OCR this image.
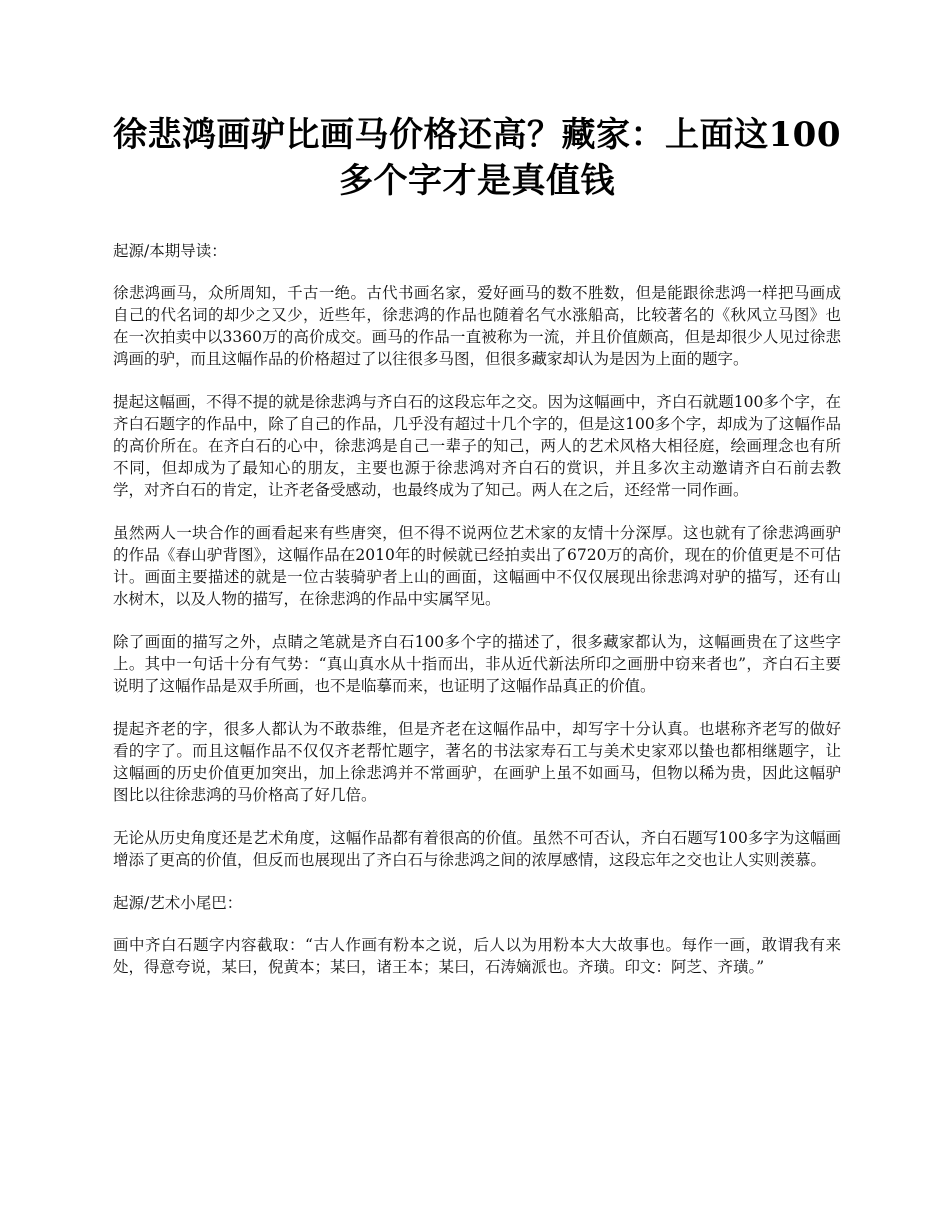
徐悲鸿画驴比画马价格还高？藏家：上面这100多个字才是真值钱

起源/本期导读：

徐悲鸿画马，众所周知，千古一绝。古代书画名家，爱好画马的数不胜数，但是能跟徐悲鸿一样把马画成自己的代名词的却少之又少，近些年，徐悲鸿的作品也随着名气水涨船高，比较著名的《秋风立马图》也在一次拍卖中以3360万的高价成交。画马的作品一直被称为一流，并且价值颇高，但是却很少人见过徐悲鸿画的驴，而且这幅作品的价格超过了以往很多马图，但很多藏家却认为是因为上面的题字。

提起这幅画，不得不提的就是徐悲鸿与齐白石的这段忘年之交。因为这幅画中，齐白石就题100多个字，在齐白石题字的作品中，除了自己的作品，几乎没有超过十几个字的，但是这100多个字，却成为了这幅作品的高价所在。在齐白石的心中，徐悲鸿是自己一辈子的知己，两人的艺术风格大相径庭，绘画理念也有所不同，但却成为了最知心的朋友，主要也源于徐悲鸿对齐白石的赏识，并且多次主动邀请齐白石前去教学，对齐白石的肯定，让齐老备受感动，也最终成为了知己。两人在之后，还经常一同作画。

虽然两人一块合作的画看起来有些唐突，但不得不说两位艺术家的友情十分深厚。这也就有了徐悲鸿画驴的作品《春山驴背图》，这幅作品在2010年的时候就已经拍卖出了6720万的高价，现在的价值更是不可估计。画面主要描述的就是一位古装骑驴者上山的画面，这幅画中不仅仅展现出徐悲鸿对驴的描写，还有山水树木，以及人物的描写，在徐悲鸿的作品中实属罕见。

除了画面的描写之外，点睛之笔就是齐白石100多个字的描述了，很多藏家都认为，这幅画贵在了这些字上。其中一句话十分有气势：“真山真水从十指而出，非从近代新法所印之画册中窃来者也”，齐白石主要说明了这幅作品是双手所画，也不是临摹而来，也证明了这幅作品真正的价值。

提起齐老的字，很多人都认为不敢恭维，但是齐老在这幅作品中，却写字十分认真。也堪称齐老写的做好看的字了。而且这幅作品不仅仅齐老帮忙题字，著名的书法家寿石工与美术史家邓以蛰也都相继题字，让这幅画的历史价值更加突出，加上徐悲鸿并不常画驴，在画驴上虽不如画马，但物以稀为贵，因此这幅驴图比以往徐悲鸿的马价格高了好几倍。

无论从历史角度还是艺术角度，这幅作品都有着很高的价值。虽然不可否认，齐白石题写100多字为这幅画增添了更高的价值，但反而也展现出了齐白石与徐悲鸿之间的浓厚感情，这段忘年之交也让人实则羡慕。

起源/艺术小尾巴：

画中齐白石题字内容截取：“古人作画有粉本之说，后人以为用粉本大大故事也。每作一画，敢谓我有来处，得意夸说，某曰，倪黄本；某曰，诸王本；某曰，石涛嫡派也。齐璜。印文：阿芝、齐璜。”
